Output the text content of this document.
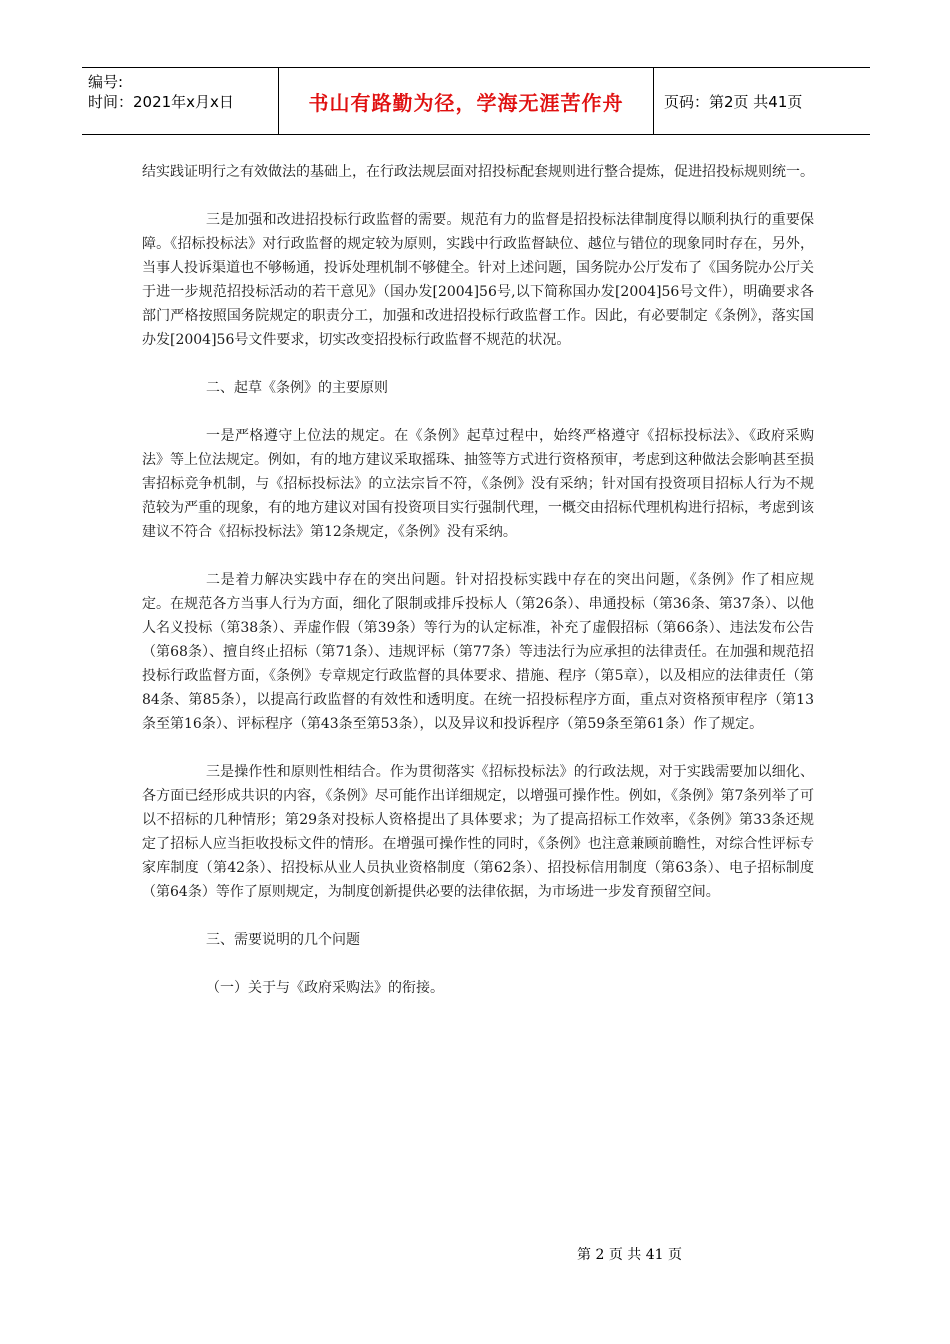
编号:
时间：2021年x月x日	书山有路勤为径，学海无涯苦作舟	页码：第2页 共41页

结实践证明行之有效做法的基础上，在行政法规层面对招投标配套规则进行整合提炼，促进招投标规则统一。

三是加强和改进招投标行政监督的需要。规范有力的监督是招投标法律制度得以顺利执行的重要保障。《招标投标法》对行政监督的规定较为原则，实践中行政监督缺位、越位与错位的现象同时存在，另外，当事人投诉渠道也不够畅通，投诉处理机制不够健全。针对上述问题，国务院办公厅发布了《国务院办公厅关于进一步规范招投标活动的若干意见》（国办发[2004]56号,以下简称国办发[2004]56号文件），明确要求各部门严格按照国务院规定的职责分工，加强和改进招投标行政监督工作。因此，有必要制定《条例》，落实国办发[2004]56号文件要求，切实改变招投标行政监督不规范的状况。

二、起草《条例》的主要原则

一是严格遵守上位法的规定。在《条例》起草过程中，始终严格遵守《招标投标法》、《政府采购法》等上位法规定。例如，有的地方建议采取摇珠、抽签等方式进行资格预审，考虑到这种做法会影响甚至损害招标竞争机制，与《招标投标法》的立法宗旨不符，《条例》没有采纳；针对国有投资项目招标人行为不规范较为严重的现象，有的地方建议对国有投资项目实行强制代理，一概交由招标代理机构进行招标，考虑到该建议不符合《招标投标法》第12条规定，《条例》没有采纳。

二是着力解决实践中存在的突出问题。针对招投标实践中存在的突出问题，《条例》作了相应规定。在规范各方当事人行为方面，细化了限制或排斥投标人（第26条）、串通投标（第36条、第37条）、以他人名义投标（第38条）、弄虚作假（第39条）等行为的认定标准，补充了虚假招标（第66条）、违法发布公告（第68条）、擅自终止招标（第71条）、违规评标（第77条）等违法行为应承担的法律责任。在加强和规范招投标行政监督方面，《条例》专章规定行政监督的具体要求、措施、程序（第5章），以及相应的法律责任（第84条、第85条），以提高行政监督的有效性和透明度。在统一招投标程序方面，重点对资格预审程序（第13条至第16条）、评标程序（第43条至第53条），以及异议和投诉程序（第59条至第61条）作了规定。

三是操作性和原则性相结合。作为贯彻落实《招标投标法》的行政法规，对于实践需要加以细化、各方面已经形成共识的内容，《条例》尽可能作出详细规定，以增强可操作性。例如，《条例》第7条列举了可以不招标的几种情形；第29条对投标人资格提出了具体要求；为了提高招标工作效率，《条例》第33条还规定了招标人应当拒收投标文件的情形。在增强可操作性的同时，《条例》也注意兼顾前瞻性，对综合性评标专家库制度（第42条）、招投标从业人员执业资格制度（第62条）、招投标信用制度（第63条）、电子招标制度（第64条）等作了原则规定，为制度创新提供必要的法律依据，为市场进一步发育预留空间。

三、需要说明的几个问题

（一）关于与《政府采购法》的衔接。

第 2 页 共 41 页
